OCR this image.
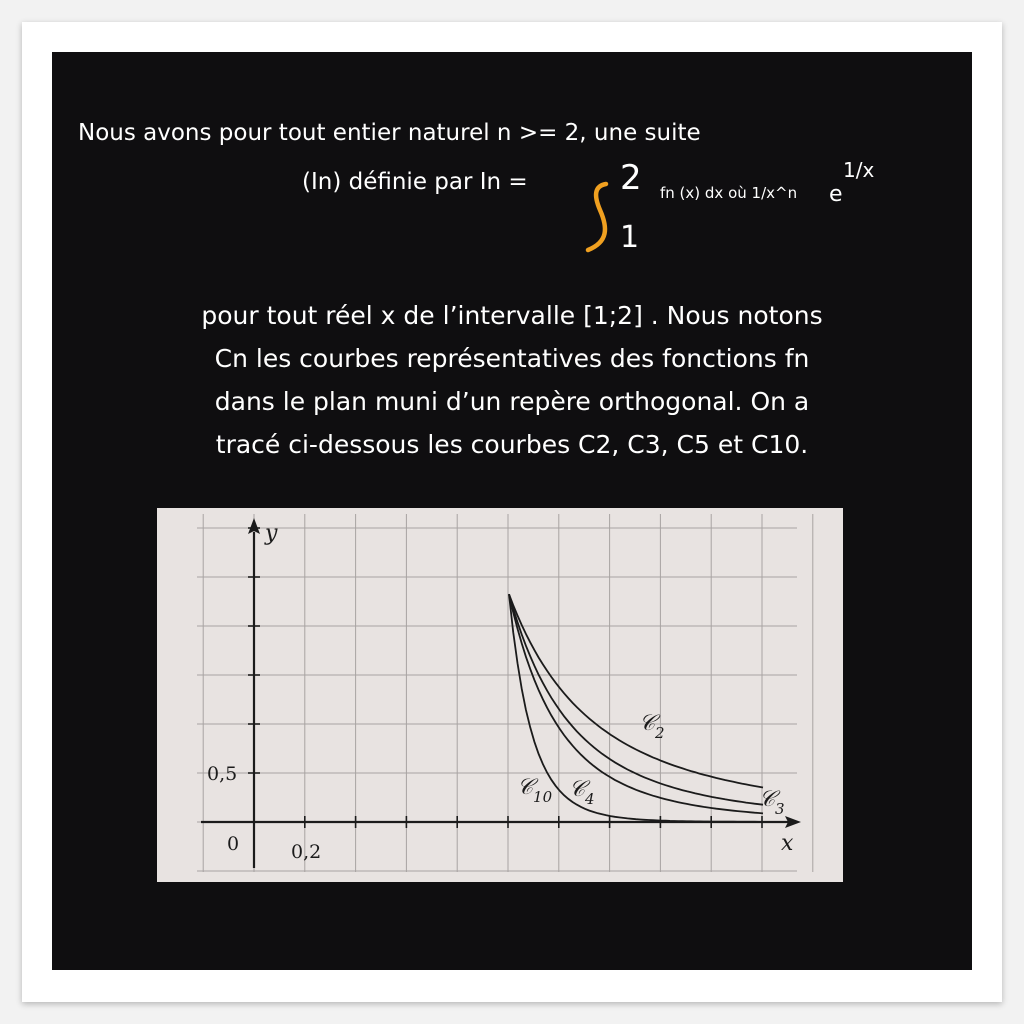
Nous avons pour tout entier naturel n >= 2, une suite
(In) définie par In =	2
1
fn (x) dx où 1/x^n e
1/x
pour tout réel x de l’intervalle [1;2] . Nous notons
Cn les courbes représentatives des fonctions fn
dans le plan muni d’un repère orthogonal. On a
tracé ci-dessous les courbes C2, C3, C5 et C10.
y
x
0	0,2
0,5
𝒞$_2$
𝒞$_3$
𝒞$_4$
𝒞$_{10}$
